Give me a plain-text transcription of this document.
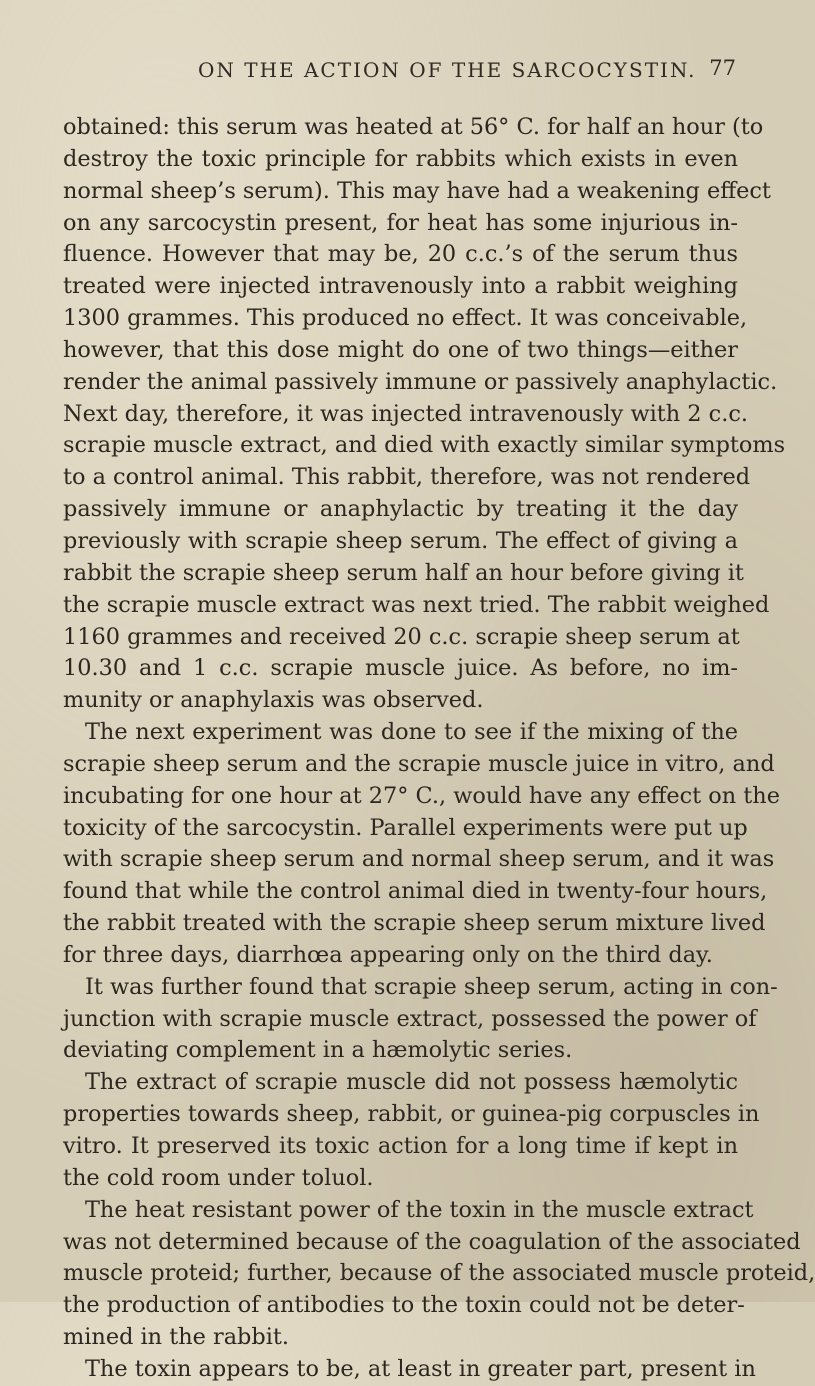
ON THE ACTION OF THE SARCOCYSTIN. 77
obtained: this serum was heated at 56° C. for half an hour (to
destroy the toxic principle for rabbits which exists in even
normal sheep’s serum). This may have had a weakening effect
on any sarcocystin present, for heat has some injurious in-
fluence. However that may be, 20 c.c.’s of the serum thus
treated were injected intravenously into a rabbit weighing
1300 grammes. This produced no effect. It was conceivable,
however, that this dose might do one of two things—either
render the animal passively immune or passively anaphylactic.
Next day, therefore, it was injected intravenously with 2 c.c.
scrapie muscle extract, and died with exactly similar symptoms
to a control animal. This rabbit, therefore, was not rendered
passively immune or anaphylactic by treating it the day
previously with scrapie sheep serum. The effect of giving a
rabbit the scrapie sheep serum half an hour before giving it
the scrapie muscle extract was next tried. The rabbit weighed
1160 grammes and received 20 c.c. scrapie sheep serum at
10.30 and 1 c.c. scrapie muscle juice. As before, no im-
munity or anaphylaxis was observed.
The next experiment was done to see if the mixing of the
scrapie sheep serum and the scrapie muscle juice in vitro, and
incubating for one hour at 27° C., would have any effect on the
toxicity of the sarcocystin. Parallel experiments were put up
with scrapie sheep serum and normal sheep serum, and it was
found that while the control animal died in twenty-four hours,
the rabbit treated with the scrapie sheep serum mixture lived
for three days, diarrhœa appearing only on the third day.
It was further found that scrapie sheep serum, acting in con-
junction with scrapie muscle extract, possessed the power of
deviating complement in a hæmolytic series.
The extract of scrapie muscle did not possess hæmolytic
properties towards sheep, rabbit, or guinea-pig corpuscles in
vitro. It preserved its toxic action for a long time if kept in
the cold room under toluol.
The heat resistant power of the toxin in the muscle extract
was not determined because of the coagulation of the associated
muscle proteid; further, because of the associated muscle proteid,
the production of antibodies to the toxin could not be deter-
mined in the rabbit.
The toxin appears to be, at least in greater part, present in
